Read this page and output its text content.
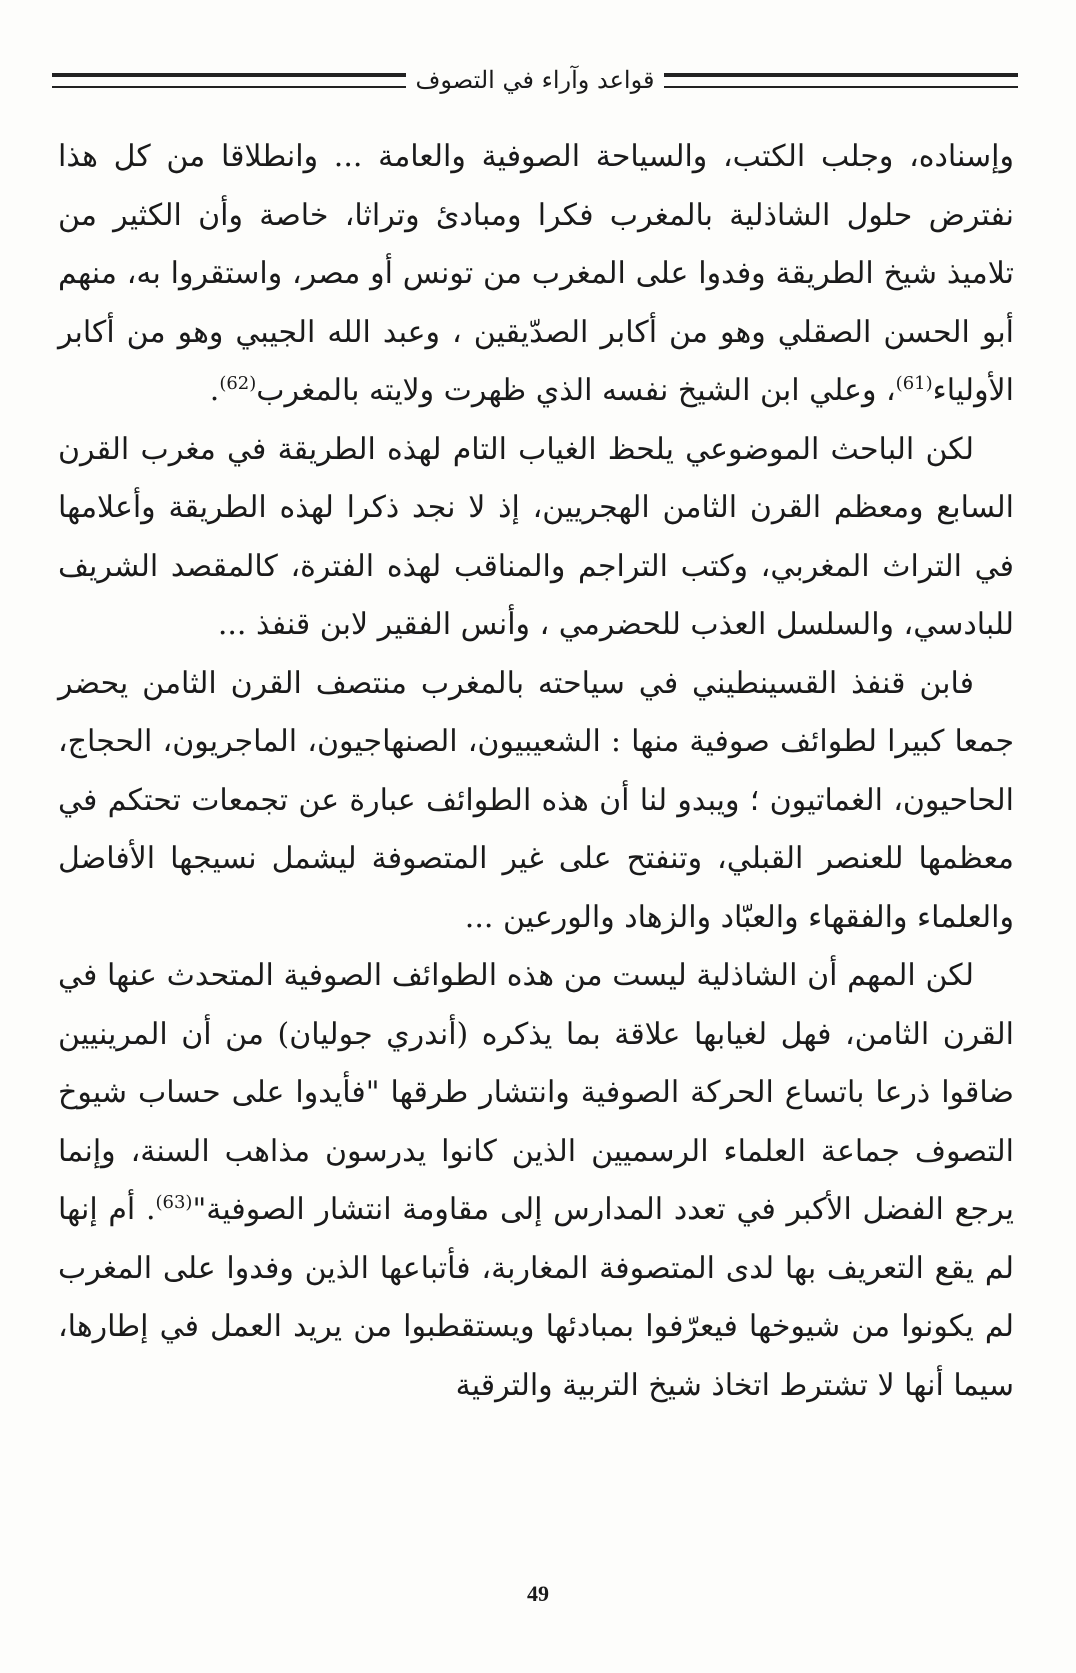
قواعد وآراء في التصوف

وإسناده، وجلب الكتب، والسياحة الصوفية والعامة ... وانطلاقا من كل هذا نفترض حلول الشاذلية بالمغرب فكرا ومبادئ وتراثا، خاصة وأن الكثير من تلاميذ شيخ الطريقة وفدوا على المغرب من تونس أو مصر، واستقروا به، منهم أبو الحسن الصقلي وهو من أكابر الصدّيقين ، وعبد الله الجيبي وهو من أكابر الأولياء$^{(61)}$، وعلي ابن الشيخ نفسه الذي ظهرت ولايته بالمغرب$^{(62)}$.

لكن الباحث الموضوعي يلحظ الغياب التام لهذه الطريقة في مغرب القرن السابع ومعظم القرن الثامن الهجريين، إذ لا نجد ذكرا لهذه الطريقة وأعلامها في التراث المغربي، وكتب التراجم والمناقب لهذه الفترة، كالمقصد الشريف للبادسي، والسلسل العذب للحضرمي ، وأنس الفقير لابن قنفذ ...

فابن قنفذ القسينطيني في سياحته بالمغرب منتصف القرن الثامن يحضر جمعا كبيرا لطوائف صوفية منها : الشعيبيون، الصنهاجيون، الماجريون، الحجاج، الحاحيون، الغماتيون ؛ ويبدو لنا أن هذه الطوائف عبارة عن تجمعات تحتكم في معظمها للعنصر القبلي، وتنفتح على غير المتصوفة ليشمل نسيجها الأفاضل والعلماء والفقهاء والعبّاد والزهاد والورعين ...

لكن المهم أن الشاذلية ليست من هذه الطوائف الصوفية المتحدث عنها في القرن الثامن، فهل لغيابها علاقة بما يذكره (أندري جوليان) من أن المرينيين ضاقوا ذرعا باتساع الحركة الصوفية وانتشار طرقها "فأيدوا على حساب شيوخ التصوف جماعة العلماء الرسميين الذين كانوا يدرسون مذاهب السنة، وإنما يرجع الفضل الأكبر في تعدد المدارس إلى مقاومة انتشار الصوفية"$^{(63)}$. أم إنها لم يقع التعريف بها لدى المتصوفة المغاربة، فأتباعها الذين وفدوا على المغرب لم يكونوا من شيوخها فيعرّفوا بمبادئها ويستقطبوا من يريد العمل في إطارها، سيما أنها لا تشترط اتخاذ شيخ التربية والترقية

49
